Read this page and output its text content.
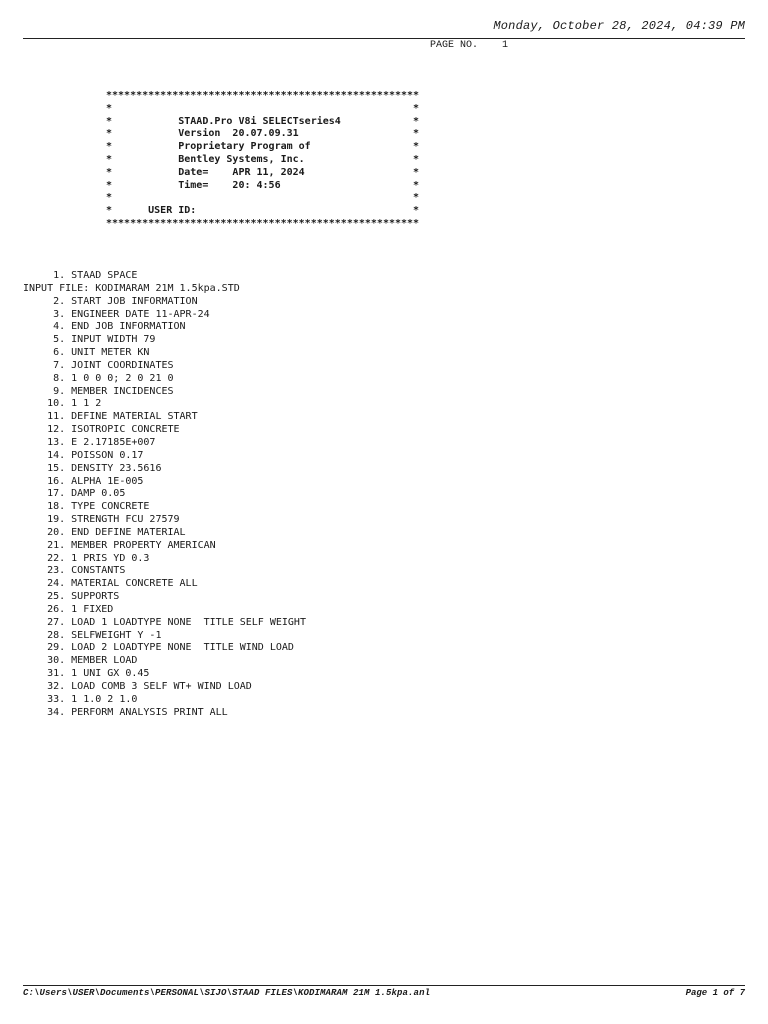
Monday, October 28, 2024, 04:39 PM
PAGE NO.    1
****************************************************
*                                                  *
*           STAAD.Pro V8i SELECTseries4            *
*           Version  20.07.09.31                   *
*           Proprietary Program of                 *
*           Bentley Systems, Inc.                  *
*           Date=    APR 11, 2024                  *
*           Time=    20: 4:56                      *
*                                                  *
*      USER ID:                                    *
****************************************************
1. STAAD SPACE
INPUT FILE: KODIMARAM 21M 1.5kpa.STD
2. START JOB INFORMATION
3. ENGINEER DATE 11-APR-24
4. END JOB INFORMATION
5. INPUT WIDTH 79
6. UNIT METER KN
7. JOINT COORDINATES
8. 1 0 0 0; 2 0 21 0
9. MEMBER INCIDENCES
10. 1 1 2
11. DEFINE MATERIAL START
12. ISOTROPIC CONCRETE
13. E 2.17185E+007
14. POISSON 0.17
15. DENSITY 23.5616
16. ALPHA 1E-005
17. DAMP 0.05
18. TYPE CONCRETE
19. STRENGTH FCU 27579
20. END DEFINE MATERIAL
21. MEMBER PROPERTY AMERICAN
22. 1 PRIS YD 0.3
23. CONSTANTS
24. MATERIAL CONCRETE ALL
25. SUPPORTS
26. 1 FIXED
27. LOAD 1 LOADTYPE NONE  TITLE SELF WEIGHT
28. SELFWEIGHT Y -1
29. LOAD 2 LOADTYPE NONE  TITLE WIND LOAD
30. MEMBER LOAD
31. 1 UNI GX 0.45
32. LOAD COMB 3 SELF WT+ WIND LOAD
33. 1 1.0 2 1.0
34. PERFORM ANALYSIS PRINT ALL
C:\Users\USER\Documents\PERSONAL\SIJO\STAAD FILES\KODIMARAM 21M 1.5kpa.anl	Page 1 of 7
